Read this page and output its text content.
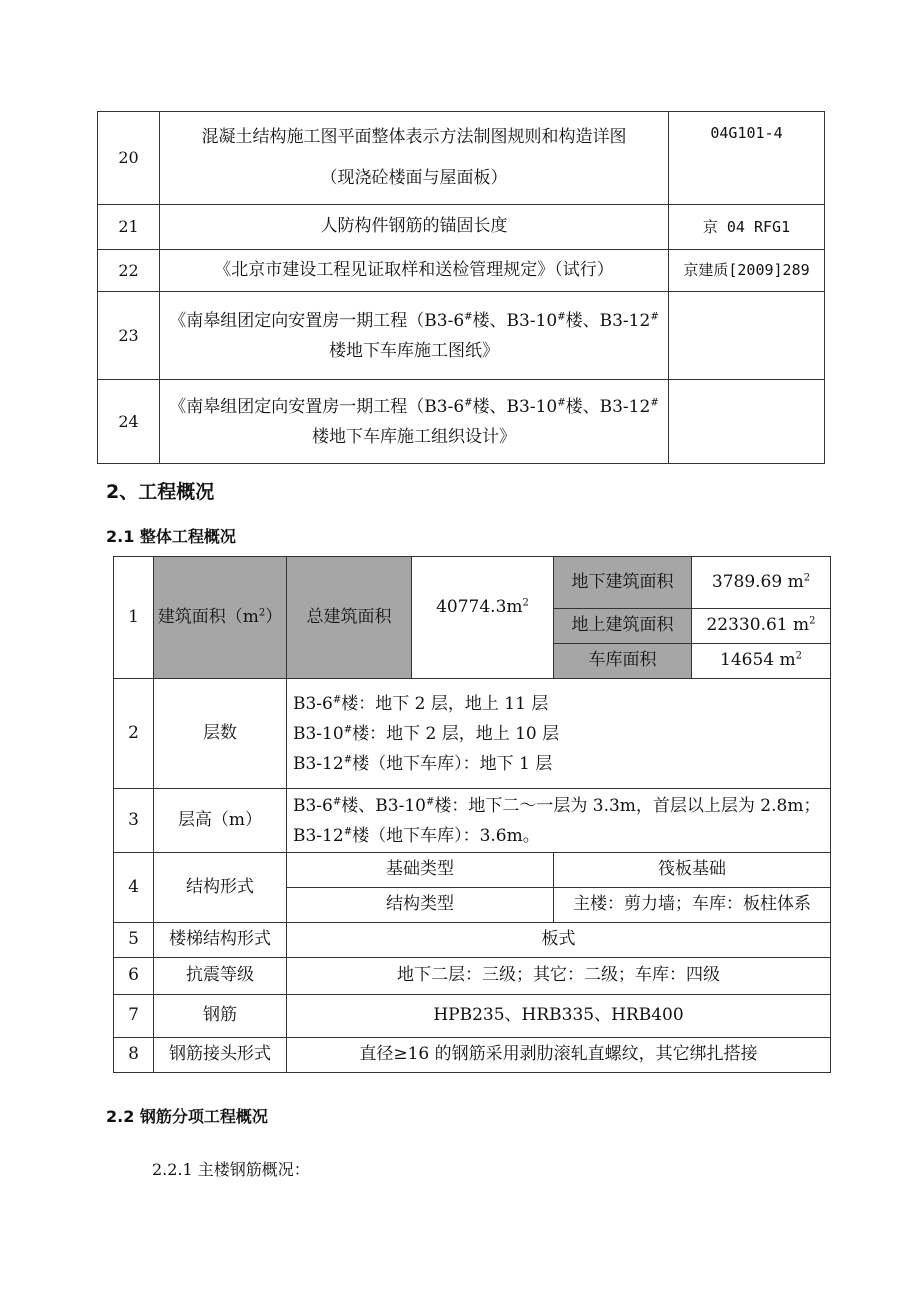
20	混凝土结构施工图平面整体表示方法制图规则和构造详图
（现浇砼楼面与屋面板）	04G101-4
21	人防构件钢筋的锚固长度	京 04 RFG1
22	《北京市建设工程见证取样和送检管理规定》（试行）	京建质[2009]289
23	《南皋组团定向安置房一期工程（B3-6#楼、B3-10#楼、B3-12#
楼地下车库施工图纸》	

24	《南皋组团定向安置房一期工程（B3-6#楼、B3-10#楼、B3-12#
楼地下车库施工组织设计》	

2、工程概况
2.1 整体工程概况
1	建筑面积$(m^2)$	总建筑面积	$40774.3m^2$	地下建筑面积	3789.69 $m^2$
				地上建筑面积	22330.61 $m^2$
				车库面积	14654 $m^2$
2	层数	B3-6#楼：地下 2 层，地上 11 层
B3-10#楼：地下 2 层，地上 10 层
B3-12#楼（地下车库）：地下 1 层			

3	层高（m）	B3-6#楼、B3-10#楼：地下二～一层为 3.3m，首层以上层为 2.8m；
B3-12#楼（地下车库）：3.6m。			

4	结构形式	基础类型		筏板基础	
		结构类型		主楼：剪力墙；车库：板柱体系	
5	楼梯结构形式	板式			
6	抗震等级	地下二层：三级；其它：二级；车库：四级			
7	钢筋	HPB235、HRB335、HRB400			
8	钢筋接头形式	直径≥16 的钢筋采用剥肋滚轧直螺纹，其它绑扎搭接			
2.2 钢筋分项工程概况
2.2.1 主楼钢筋概况：
